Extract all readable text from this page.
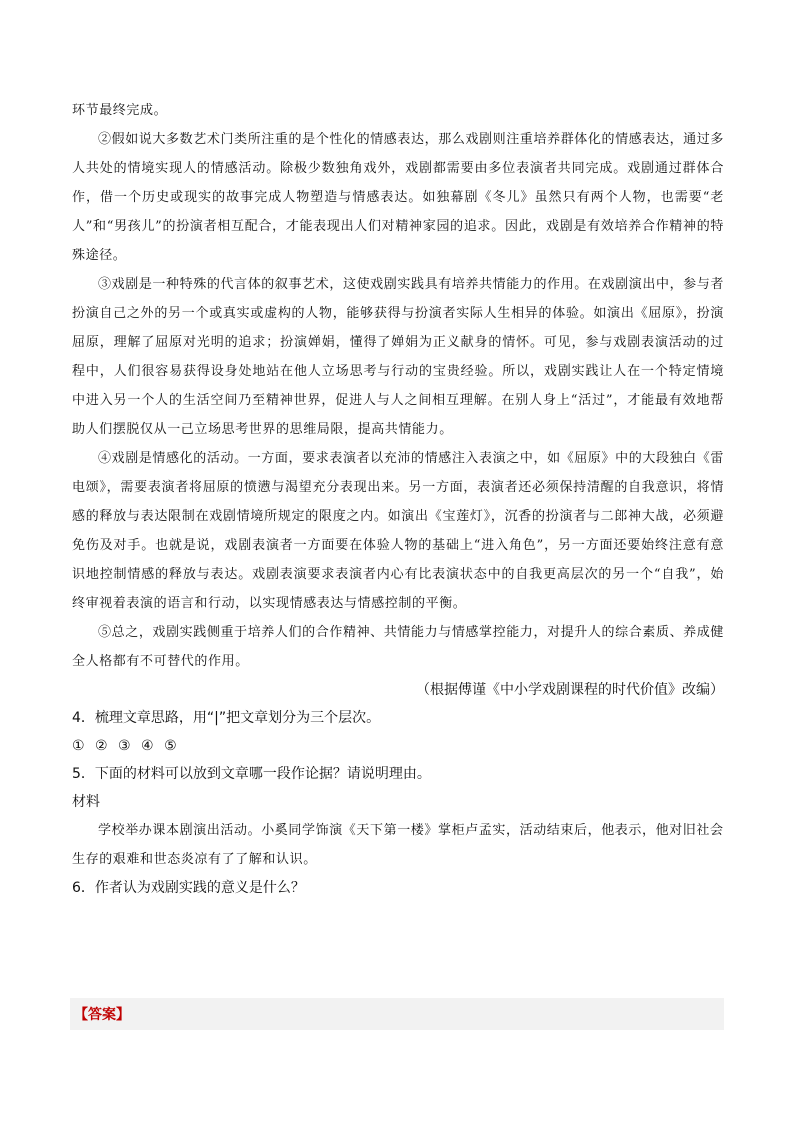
环节最终完成。

②假如说大多数艺术门类所注重的是个性化的情感表达，那么戏剧则注重培养群体化的情感表达，通过多人共处的情境实现人的情感活动。除极少数独角戏外，戏剧都需要由多位表演者共同完成。戏剧通过群体合作，借一个历史或现实的故事完成人物塑造与情感表达。如独幕剧《冬儿》虽然只有两个人物，也需要“老人”和“男孩儿”的扮演者相互配合，才能表现出人们对精神家园的追求。因此，戏剧是有效培养合作精神的特殊途径。

③戏剧是一种特殊的代言体的叙事艺术，这使戏剧实践具有培养共情能力的作用。在戏剧演出中，参与者扮演自己之外的另一个或真实或虚构的人物，能够获得与扮演者实际人生相异的体验。如演出《屈原》，扮演屈原，理解了屈原对光明的追求；扮演婵娟，懂得了婵娟为正义献身的情怀。可见，参与戏剧表演活动的过程中，人们很容易获得设身处地站在他人立场思考与行动的宝贵经验。所以，戏剧实践让人在一个特定情境中进入另一个人的生活空间乃至精神世界，促进人与人之间相互理解。在别人身上“活过”，才能最有效地帮助人们摆脱仅从一己立场思考世界的思维局限，提高共情能力。

④戏剧是情感化的活动。一方面，要求表演者以充沛的情感注入表演之中，如《屈原》中的大段独白《雷电颂》，需要表演者将屈原的愤懑与渴望充分表现出来。另一方面，表演者还必须保持清醒的自我意识，将情感的释放与表达限制在戏剧情境所规定的限度之内。如演出《宝莲灯》，沉香的扮演者与二郎神大战，必须避免伤及对手。也就是说，戏剧表演者一方面要在体验人物的基础上“进入角色”，另一方面还要始终注意有意识地控制情感的释放与表达。戏剧表演要求表演者内心有比表演状态中的自我更高层次的另一个“自我”，始终审视着表演的语言和行动，以实现情感表达与情感控制的平衡。

⑤总之，戏剧实践侧重于培养人们的合作精神、共情能力与情感掌控能力，对提升人的综合素质、养成健全人格都有不可替代的作用。

（根据傅谨《中小学戏剧课程的时代价值》改编）

4．梳理文章思路，用“|”把文章划分为三个层次。

① ② ③ ④ ⑤

5．下面的材料可以放到文章哪一段作论据？请说明理由。

材料

学校举办课本剧演出活动。小奚同学饰演《天下第一楼》掌柜卢孟实，活动结束后，他表示，他对旧社会生存的艰难和世态炎凉有了了解和认识。

6．作者认为戏剧实践的意义是什么？

【答案】
